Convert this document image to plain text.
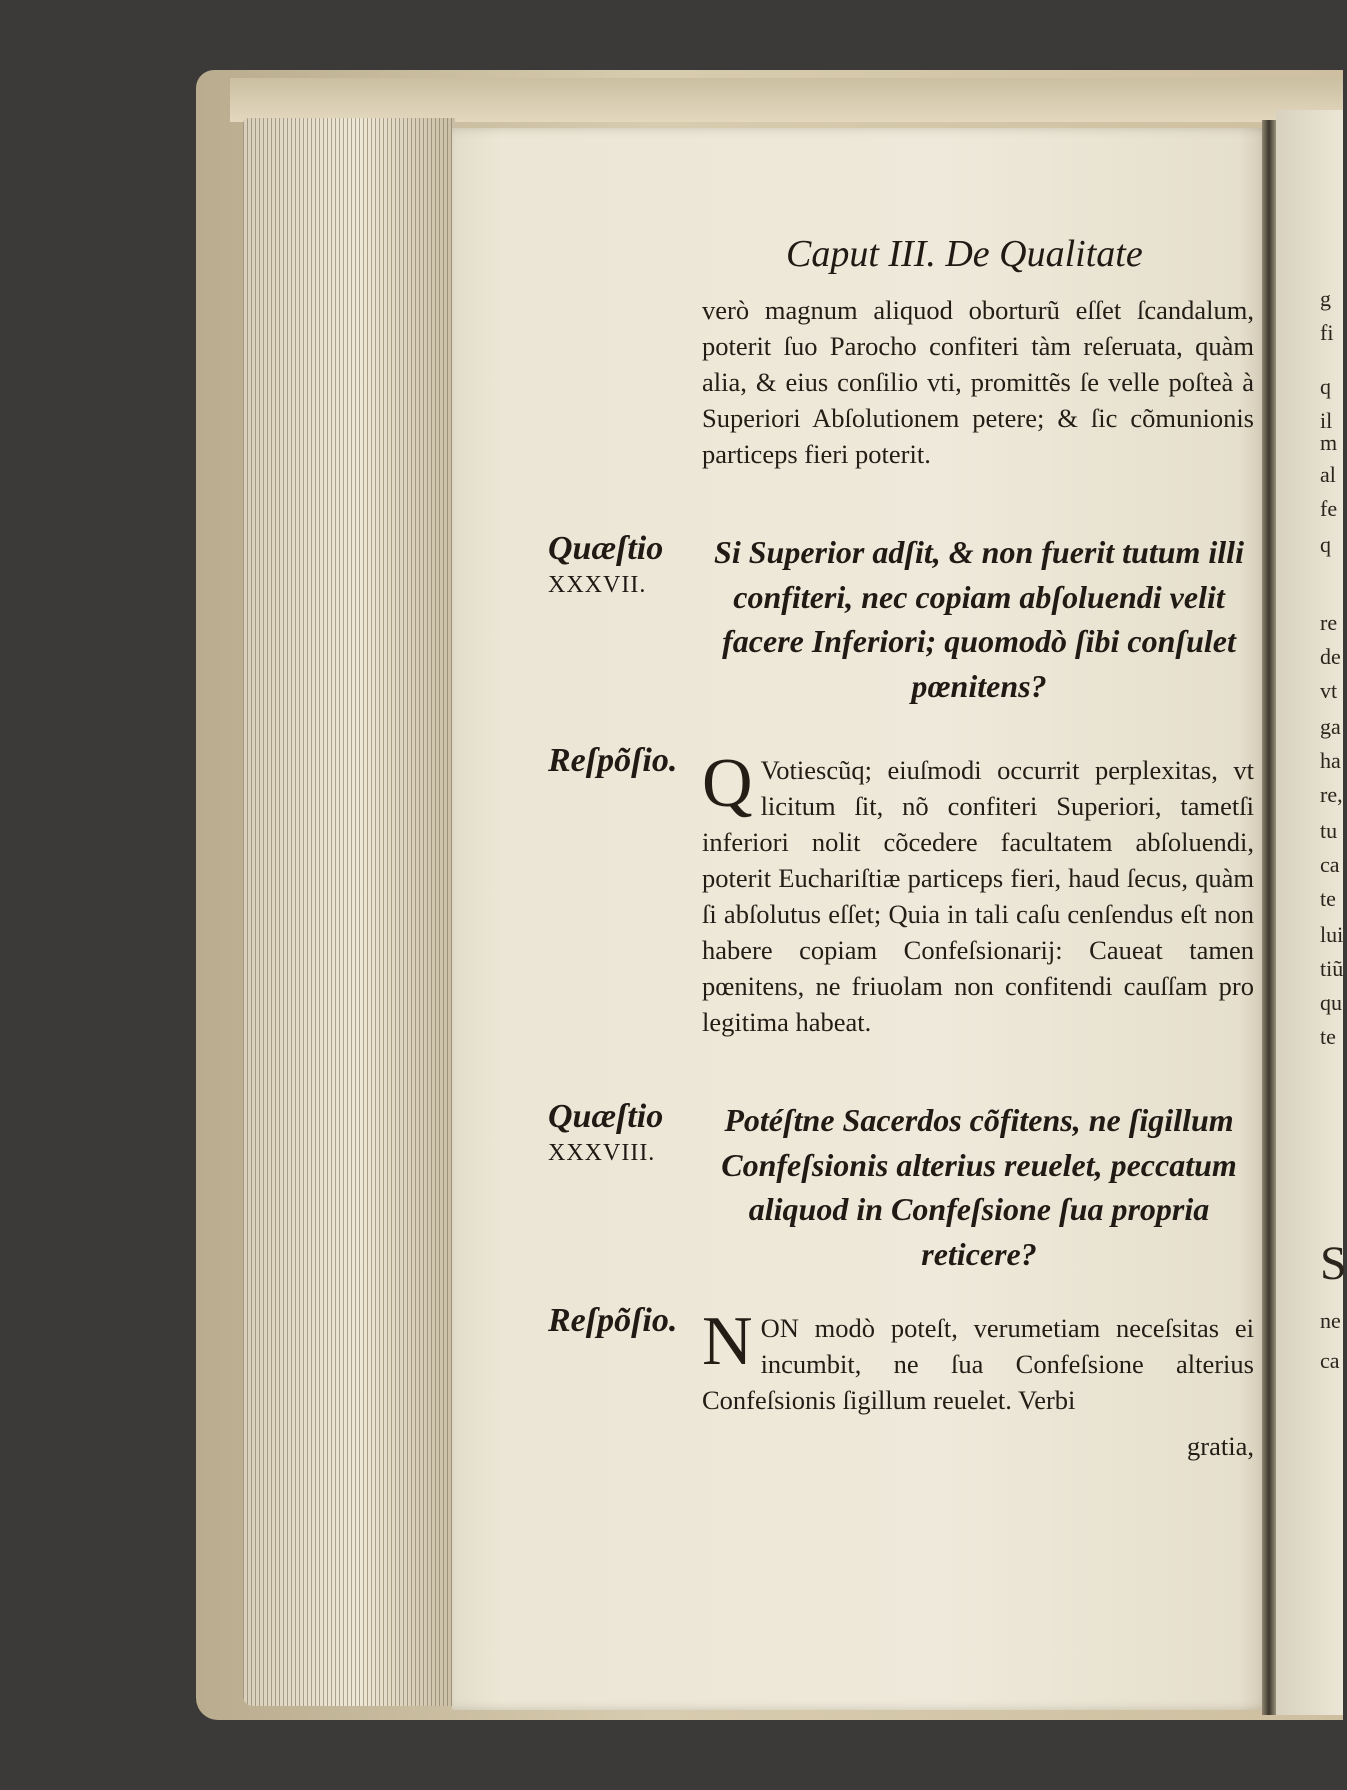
g
fi
q
il
m
al
fe
q
re
de
vt
ga
ha
re,
tu
ca
te
lui
tiũ
qu
te
S
ne
ca
Caput III. De Qualitate
verò magnum aliquod oborturũ eſſet ſcandalum, poterit ſuo Parocho confiteri tàm reſeruata, quàm alia, & eius conſilio vti, promittẽs ſe velle poſteà à Superiori Abſolutionem petere; & ſic cõmunionis particeps fieri poterit.
Quæſtio
XXXVII.
Si Superior adſit, & non fuerit tutum illi confiteri, nec copiam abſoluendi velit facere Inferiori; quomodò ſibi conſulet pœnitens?
Reſpõſio. Q Votiescũq; eiuſmodi occurrit perplexitas, vt licitum ſit, nõ confiteri Superiori, tametſi inferiori nolit cõcedere facultatem abſoluendi, poterit Euchariſtiæ particeps fieri, haud ſecus, quàm ſi abſolutus eſſet; Quia in tali caſu cenſendus eſt non habere copiam Confeſsionarij: Caueat tamen pœnitens, ne friuolam non confitendi cauſſam pro legitima habeat.
Quæſtio
XXXVIII.
Potéſtne Sacerdos cõfitens, ne ſigillum Confeſsionis alterius reuelet, peccatum aliquod in Confeſsione ſua propria reticere?
Reſpõſio. NON modò poteſt, verumetiam neceſsitas ei incumbit, ne ſua Confeſsione alterius Confeſsionis ſigillum reuelet. Verbi
gratia,
